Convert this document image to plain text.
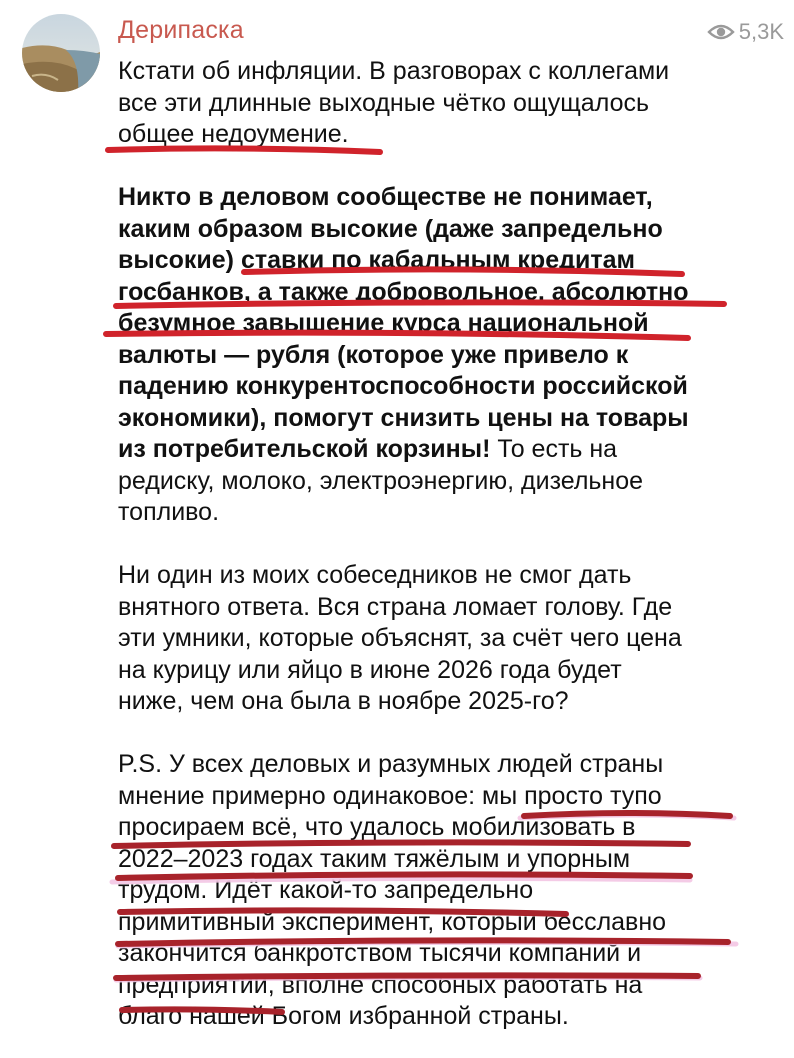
Дерипаска	5,3K
Кстати об инфляции. В разговорах с коллегами
все эти длинные выходные чётко ощущалось
общее недоумение.
Никто в деловом сообществе не понимает,
каким образом высокие (даже запредельно
высокие) ставки по кабальным кредитам
госбанков, а также добровольное, абсолютно
безумное завышение курса национальной
валюты — рубля (которое уже привело к
падению конкурентоспособности российской
экономики), помогут снизить цены на товары
из потребительской корзины! То есть на
редиску, молоко, электроэнергию, дизельное
топливо.
Ни один из моих собеседников не смог дать
внятного ответа. Вся страна ломает голову. Где
эти умники, которые объяснят, за счёт чего цена
на курицу или яйцо в июне 2026 года будет
ниже, чем она была в ноябре 2025-го?
P.S. У всех деловых и разумных людей страны
мнение примерно одинаковое: мы просто тупо
просираем всё, что удалось мобилизовать в
2022–2023 годах таким тяжёлым и упорным
трудом. Идёт какой-то запредельно
примитивный эксперимент, который бесславно
закончится банкротством тысячи компаний и
предприятий, вполне способных работать на
благо нашей Богом избранной страны.
